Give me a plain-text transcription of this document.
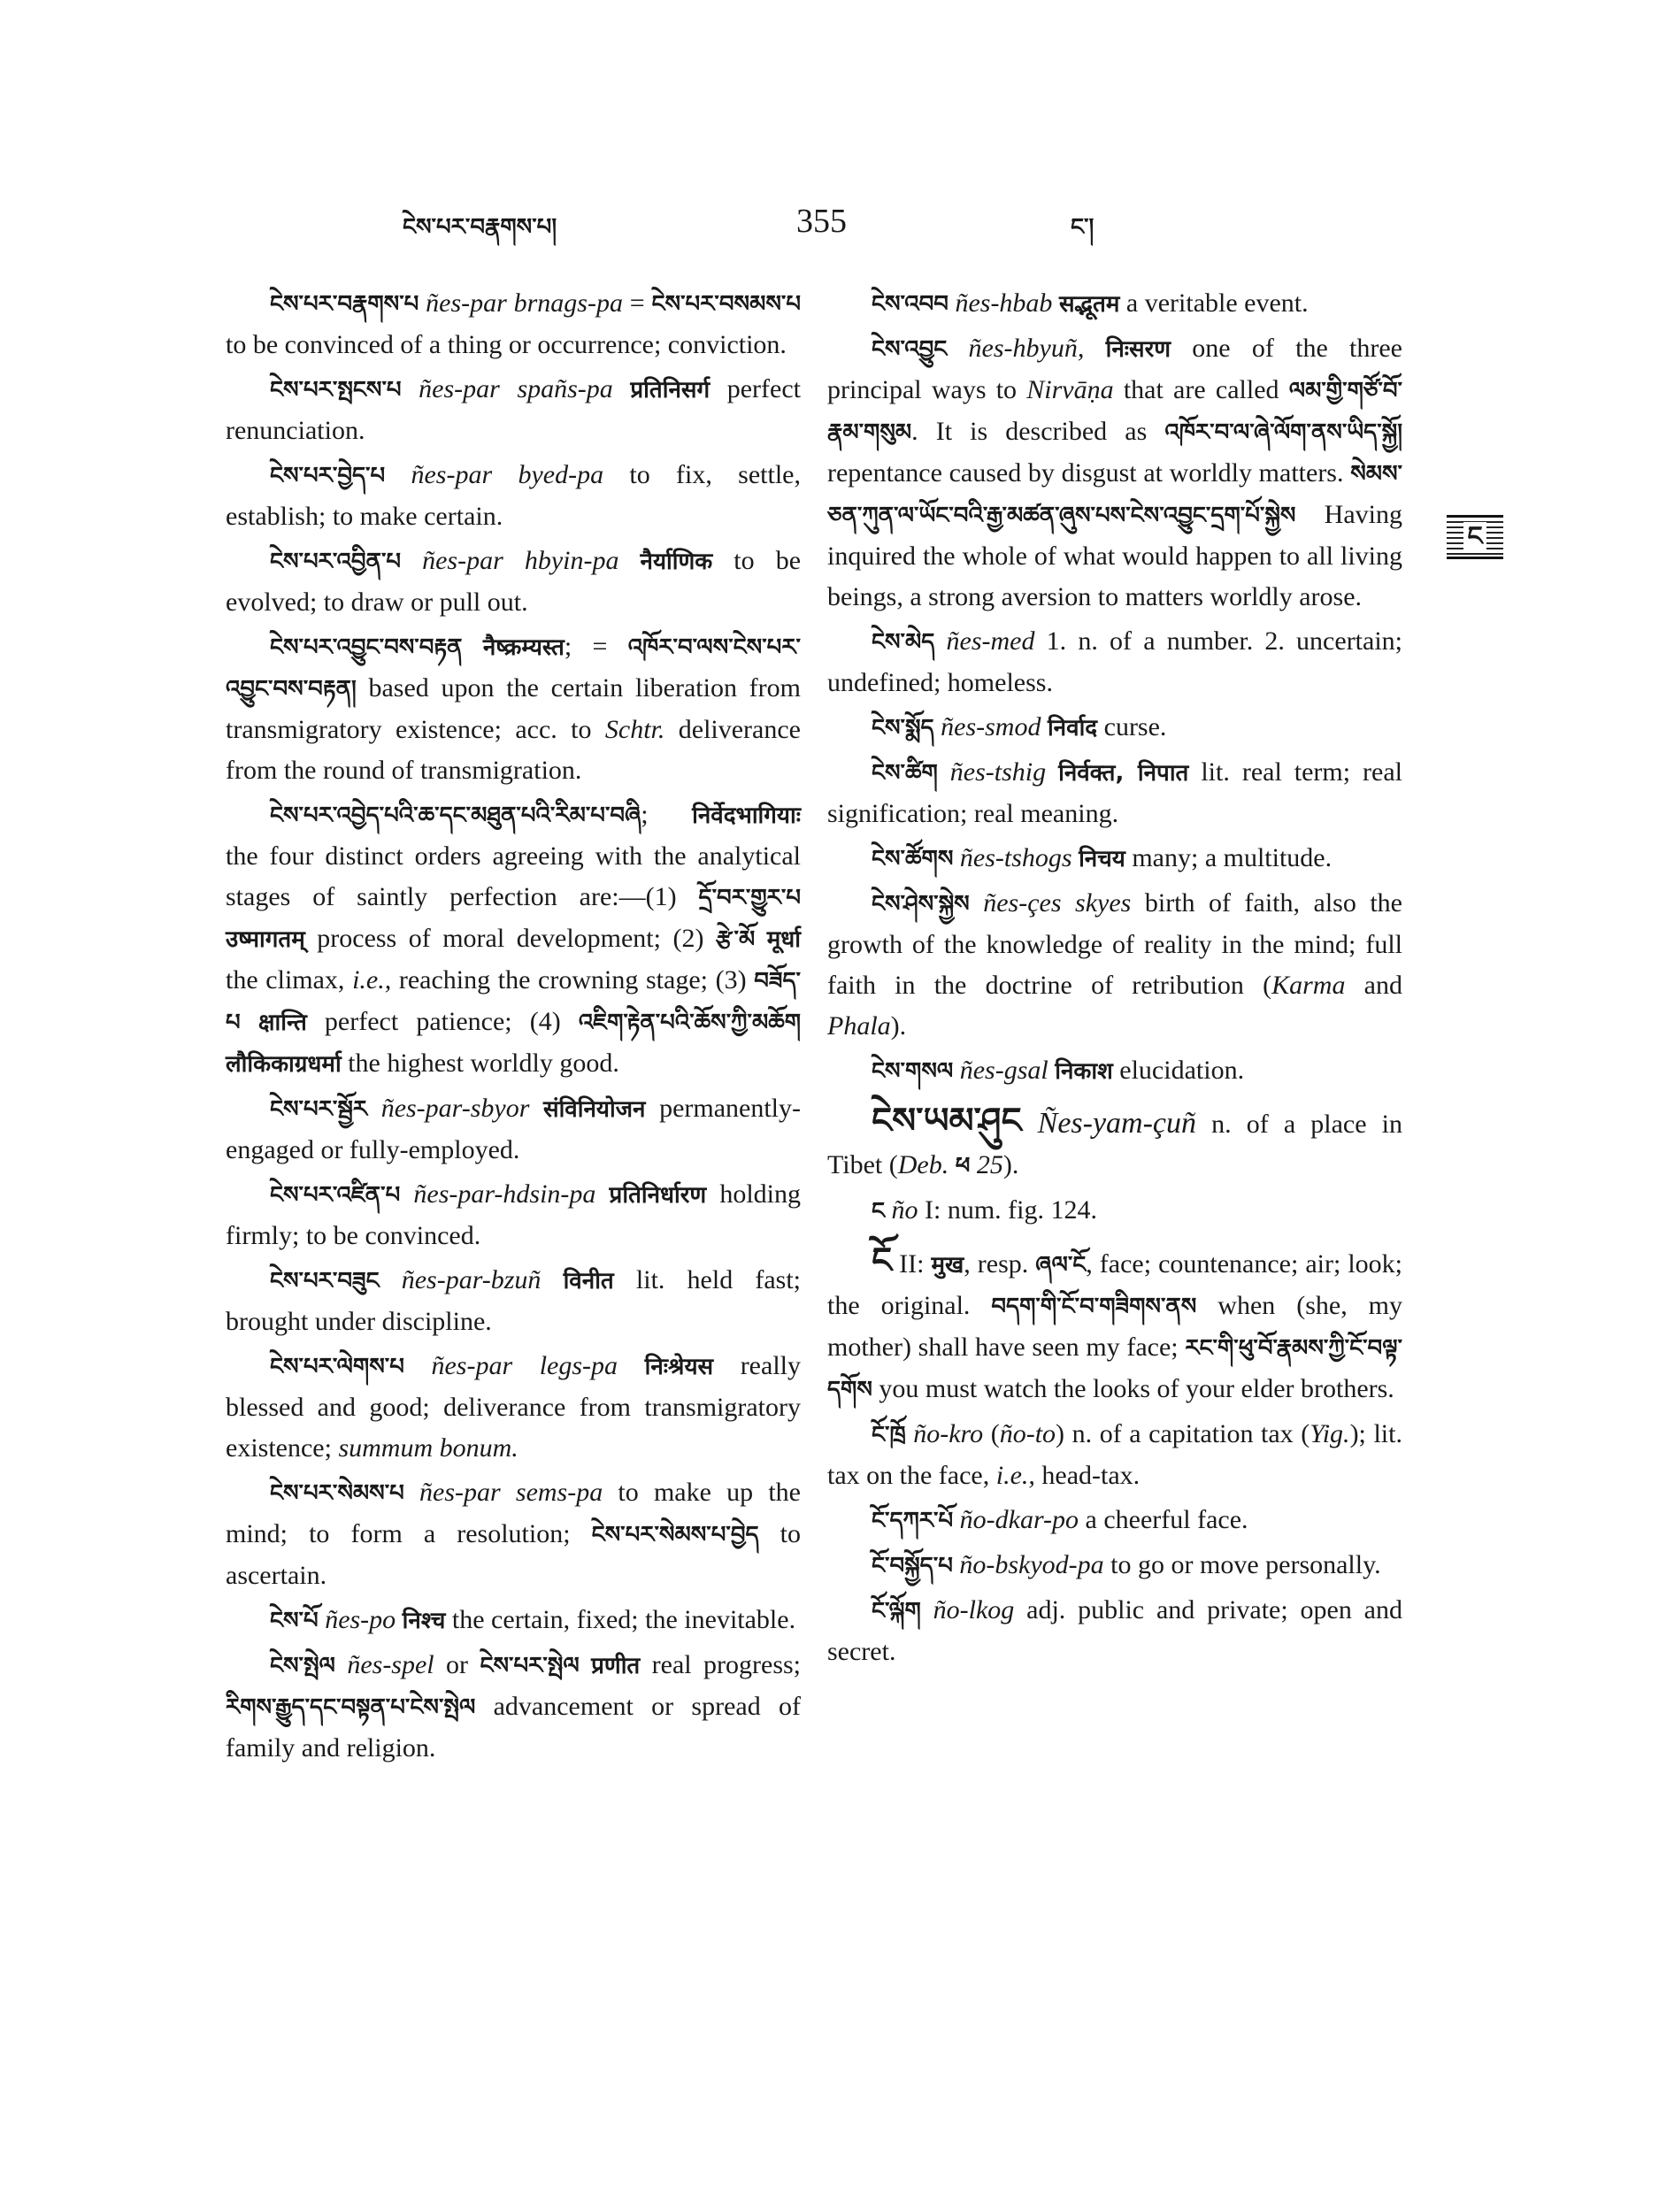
ངེས་པར་བརྣགས་པ།	355	ང་།

ངེས་པར་བརྣགས་པ ñes-par brnags-pa = ངེས་པར་བསམས་པ to be convinced of a thing or occurrence; conviction.

ངེས་པར་སྤངས་པ ñes-par spañs-pa प्रतिनिसर्ग perfect renunciation.

ངེས་པར་བྱེད་པ ñes-par byed-pa to fix, settle, establish; to make certain.

ངེས་པར་འབྱིན་པ ñes-par hbyin-pa नैर्याणिक to be evolved; to draw or pull out.

ངེས་པར་འབྱུང་བས་བརྟན नैष्क्रम्यस्त; = འཁོར་བ་ལས་ངེས་པར་འབྱུང་བས་བརྟན། based upon the certain liberation from transmigratory existence; acc. to Schtr. deliverance from the round of transmigration.

ངེས་པར་འབྱེད་པའི་ཆ་དང་མཐུན་པའི་རིམ་པ་བཞི; निर्वेदभागियाः the four distinct orders agreeing with the analytical stages of saintly perfection are:—(1) དྲོ་བར་གྱུར་པ उष्मागतम् process of moral development; (2) རྩེ་མོ मूर्धा the climax, i.e., reaching the crowning stage; (3) བཟོད་པ क्षान्ति perfect patience; (4) འཇིག་རྟེན་པའི་ཆོས་ཀྱི་མཆོག लौकिकाग्रधर्मा the highest worldly good.

ངེས་པར་སྦྱོར ñes-par-sbyor संविनियोजन permanently-engaged or fully-employed.

ངེས་པར་འཛིན་པ ñes-par-hdsin-pa प्रतिनिर्धारण holding firmly; to be convinced.

ངེས་པར་བཟུང ñes-par-bzuñ विनीत lit. held fast; brought under discipline.

ངེས་པར་ལེགས་པ ñes-par legs-pa निःश्रेयस really blessed and good; deliverance from transmigratory existence; summum bonum.

ངེས་པར་སེམས་པ ñes-par sems-pa to make up the mind; to form a resolution; ངེས་པར་སེམས་པ་བྱེད to ascertain.

ངེས་པོ ñes-po निश्च the certain, fixed; the inevitable.

ངེས་སྤེལ ñes-spel or ངེས་པར་སྤེལ प्रणीत real progress; རིགས་རྒྱུད་དང་བསྟན་པ་ངེས་སྤེལ advancement or spread of family and religion.

ངེས་འབབ ñes-hbab सद्भूतम a veritable event.

ངེས་འབྱུང ñes-hbyuñ, निःसरण one of the three principal ways to Nirvāṇa that are called ལམ་གྱི་གཙོ་བོ་རྣམ་གསུམ. It is described as འཁོར་བ་ལ་ཞེ་ལོག་ནས་ཡིད་སྐྱོ། repentance caused by disgust at worldly matters. སེམས་ཅན་ཀུན་ལ་ཡོང་བའི་རྒྱ་མཚན་ཞུས་པས་ངེས་འབྱུང་དྲག་པོ་སྐྱེས Having inquired the whole of what would happen to all living beings, a strong aversion to matters worldly arose.

ངེས་མེད ñes-med 1. n. of a number. 2. uncertain; undefined; homeless.

ངེས་སྨོད ñes-smod निर्वाद curse.

ངེས་ཚིག ñes-tshig निर्वक्त, निपात lit. real term; real signification; real meaning.

ངེས་ཚོགས ñes-tshogs निचय many; a multitude.

ངེས་ཤེས་སྐྱེས ñes-çes skyes birth of faith, also the growth of the knowledge of reality in the mind; full faith in the doctrine of retribution (Karma and Phala).

ངེས་གསལ ñes-gsal निकाश elucidation.

ངེས་ཡམ་ཤུང Ñes-yam-çuñ n. of a place in Tibet (Deb. ཕ 25).

ང ño I: num. fig. 124.

ངོ II: मुख, resp. ཞལ་ངོ, face; countenance; air; look; the original. བདག་གི་ངོ་བ་གཟིགས་ནས when (she, my mother) shall have seen my face; རང་གི་ཕུ་བོ་རྣམས་ཀྱི་ངོ་བལྟ་དགོས you must watch the looks of your elder brothers.

ངོ་ཁྲོ ño-kro (ño-to) n. of a capitation tax (Yig.); lit. tax on the face, i.e., head-tax.

ངོ་དཀར་པོ ño-dkar-po a cheerful face.

ངོ་བསྐྱོད་པ ño-bskyod-pa to go or move personally.

ངོ་ལྐོག ño-lkog adj. public and private; open and secret.

ང
